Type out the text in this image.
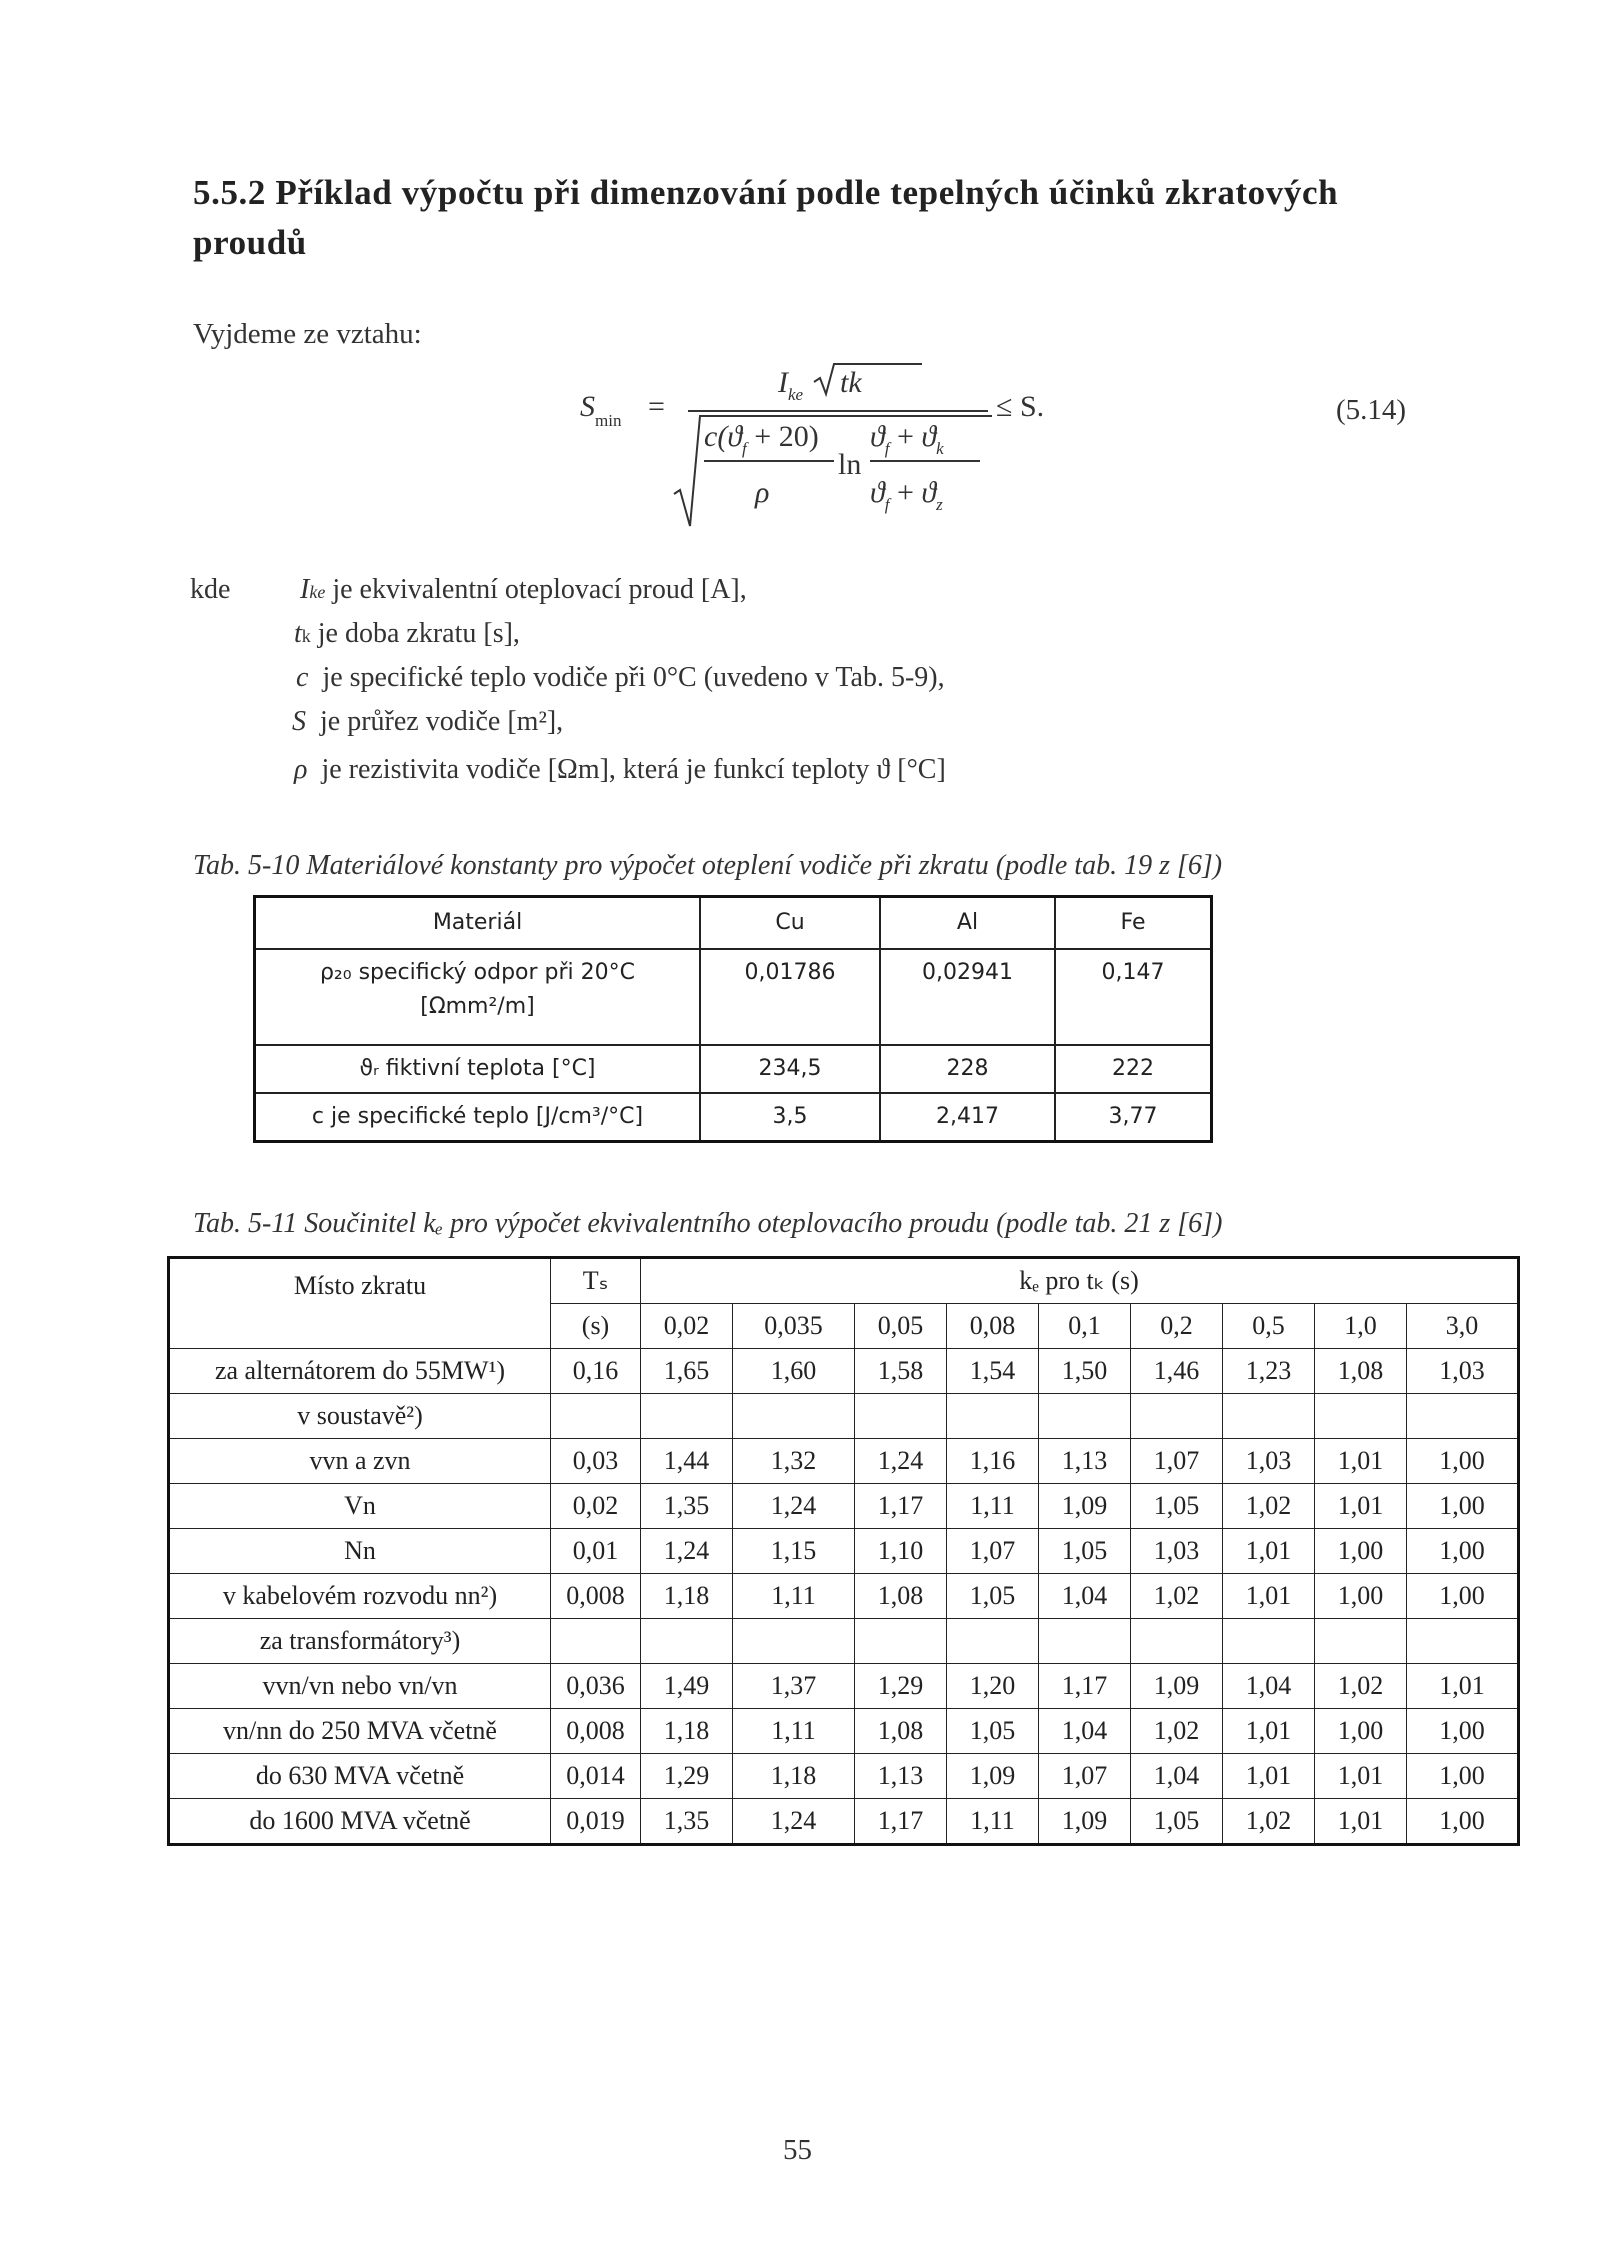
5.5.2 Příklad výpočtu při dimenzování podle tepelných účinků zkratových proudů
Vyjdeme ze vztahu:
$S_{min}$ =
$I_{ke}$ tk
$c(ϑ_f + 20)$
ρ
ln
$ϑ_f + ϑ_k$
$ϑ_f + ϑ_z$
≤ S.	(5.14)
kde Ike je ekvivalentní oteplovací proud [A],
tk je doba zkratu [s],
c je specifické teplo vodiče při 0°C (uvedeno v Tab. 5-9),
S je průřez vodiče [m²],
ρ je rezistivita vodiče [Ωm], která je funkcí teploty ϑ [°C]
Tab. 5-10 Materiálové konstanty pro výpočet oteplení vodiče při zkratu (podle tab. 19 z [6])
Materiál	Cu	Al	Fe

ρ₂₀ specifický odpor při 20°C
[Ωmm²/m]	0,01786	0,02941	0,147
ϑᵣ fiktivní teplota [°C]	234,5	228	222
c je specifické teplo [J/cm³/°C]	3,5	2,417	3,77
Tab. 5-11 Součinitel kₑ pro výpočet ekvivalentního oteplovacího proudu (podle tab. 21 z [6])
Místo zkratu	Tₛ	kₑ pro tₖ (s)								
	(s)	0,02	0,035	0,05	0,08	0,1	0,2	0,5	1,0	3,0
za alternátorem do 55MW¹)	0,16	1,65	1,60	1,58	1,54	1,50	1,46	1,23	1,08	1,03
v soustavě²)										
vvn a zvn	0,03	1,44	1,32	1,24	1,16	1,13	1,07	1,03	1,01	1,00
Vn	0,02	1,35	1,24	1,17	1,11	1,09	1,05	1,02	1,01	1,00
Nn	0,01	1,24	1,15	1,10	1,07	1,05	1,03	1,01	1,00	1,00
v kabelovém rozvodu nn²)	0,008	1,18	1,11	1,08	1,05	1,04	1,02	1,01	1,00	1,00
za transformátory³)										
vvn/vn nebo vn/vn	0,036	1,49	1,37	1,29	1,20	1,17	1,09	1,04	1,02	1,01
vn/nn do 250 MVA včetně	0,008	1,18	1,11	1,08	1,05	1,04	1,02	1,01	1,00	1,00
do 630 MVA včetně	0,014	1,29	1,18	1,13	1,09	1,07	1,04	1,01	1,01	1,00
do 1600 MVA včetně	0,019	1,35	1,24	1,17	1,11	1,09	1,05	1,02	1,01	1,00
55
